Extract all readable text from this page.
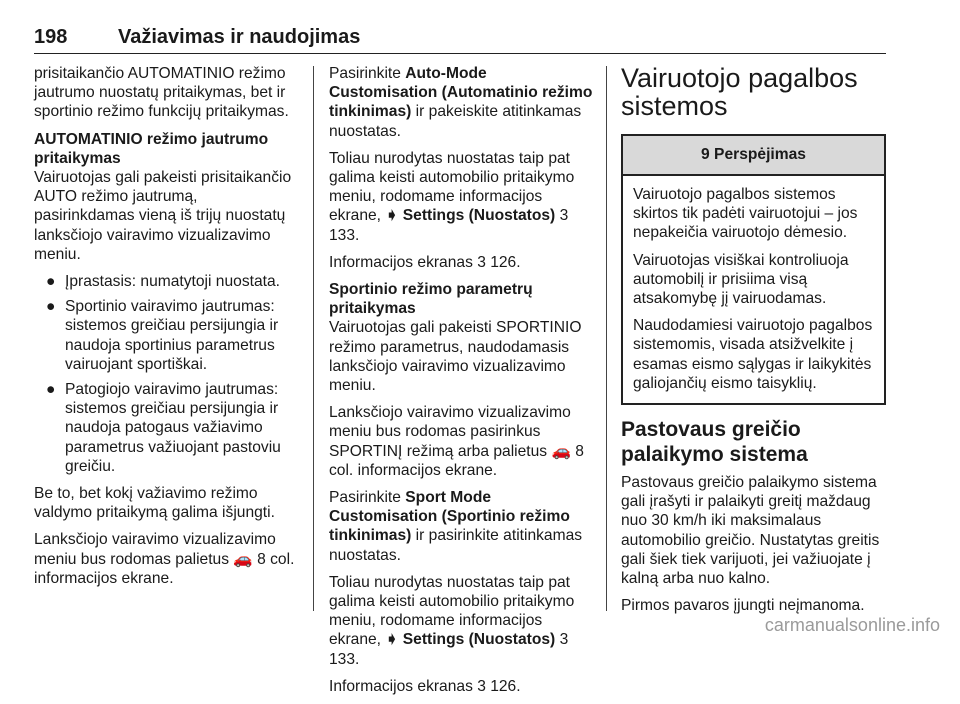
198	Važiavimas ir naudojimas

prisitaikančio AUTOMATINIO režimo jautrumo nuostatų pritaikymas, bet ir sportinio režimo funkcijų pritaikymas.

AUTOMATINIO režimo jautrumo pritaikymas

Vairuotojas gali pakeisti prisitaikančio AUTO režimo jautrumą, pasirinkdamas vieną iš trijų nuostatų lanksčiojo vairavimo vizualizavimo meniu.

● Įprastasis: numatytoji nuostata.
● Sportinio vairavimo jautrumas: sistemos greičiau persijungia ir naudoja sportinius parametrus vairuojant sportiškai.
● Patogiojo vairavimo jautrumas: sistemos greičiau persijungia ir naudoja patogaus važiavimo parametrus važiuojant pastoviu greičiu.

Be to, bet kokį važiavimo režimo valdymo pritaikymą galima išjungti.

Lanksčiojo vairavimo vizualizavimo meniu bus rodomas palietus 🚗 8 col. informacijos ekrane.

Pasirinkite Auto-Mode Customisation (Automatinio režimo tinkinimas) ir pakeiskite atitinkamas nuostatas.

Toliau nurodytas nuostatas taip pat galima keisti automobilio pritaikymo meniu, rodomame informacijos ekrane, ➧ Settings (Nuostatos) 3 133.

Informacijos ekranas 3 126.

Sportinio režimo parametrų pritaikymas

Vairuotojas gali pakeisti SPORTINIO režimo parametrus, naudodamasis lanksčiojo vairavimo vizualizavimo meniu.

Lanksčiojo vairavimo vizualizavimo meniu bus rodomas pasirinkus SPORTINĮ režimą arba palietus 🚗 8 col. informacijos ekrane.

Pasirinkite Sport Mode Customisation (Sportinio režimo tinkinimas) ir pasirinkite atitinkamas nuostatas.

Toliau nurodytas nuostatas taip pat galima keisti automobilio pritaikymo meniu, rodomame informacijos ekrane, ➧ Settings (Nuostatos) 3 133.

Informacijos ekranas 3 126.

Vairuotojo pagalbos sistemos
9 Perspėjimas

Vairuotojo pagalbos sistemos skirtos tik padėti vairuotojui – jos nepakeičia vairuotojo dėmesio.

Vairuotojas visiškai kontroliuoja automobilį ir prisiima visą atsakomybę jį vairuodamas.

Naudodamiesi vairuotojo pagalbos sistemomis, visada atsižvelkite į esamas eismo sąlygas ir laikykitės galiojančių eismo taisyklių.

Pastovaus greičio palaikymo sistema

Pastovaus greičio palaikymo sistema gali įrašyti ir palaikyti greitį maždaug nuo 30 km/h iki maksimalaus automobilio greičio. Nustatytas greitis gali šiek tiek varijuoti, jei važiuojate į kalną arba nuo kalno.

Pirmos pavaros įjungti neįmanoma.

carmanualsonline.info
